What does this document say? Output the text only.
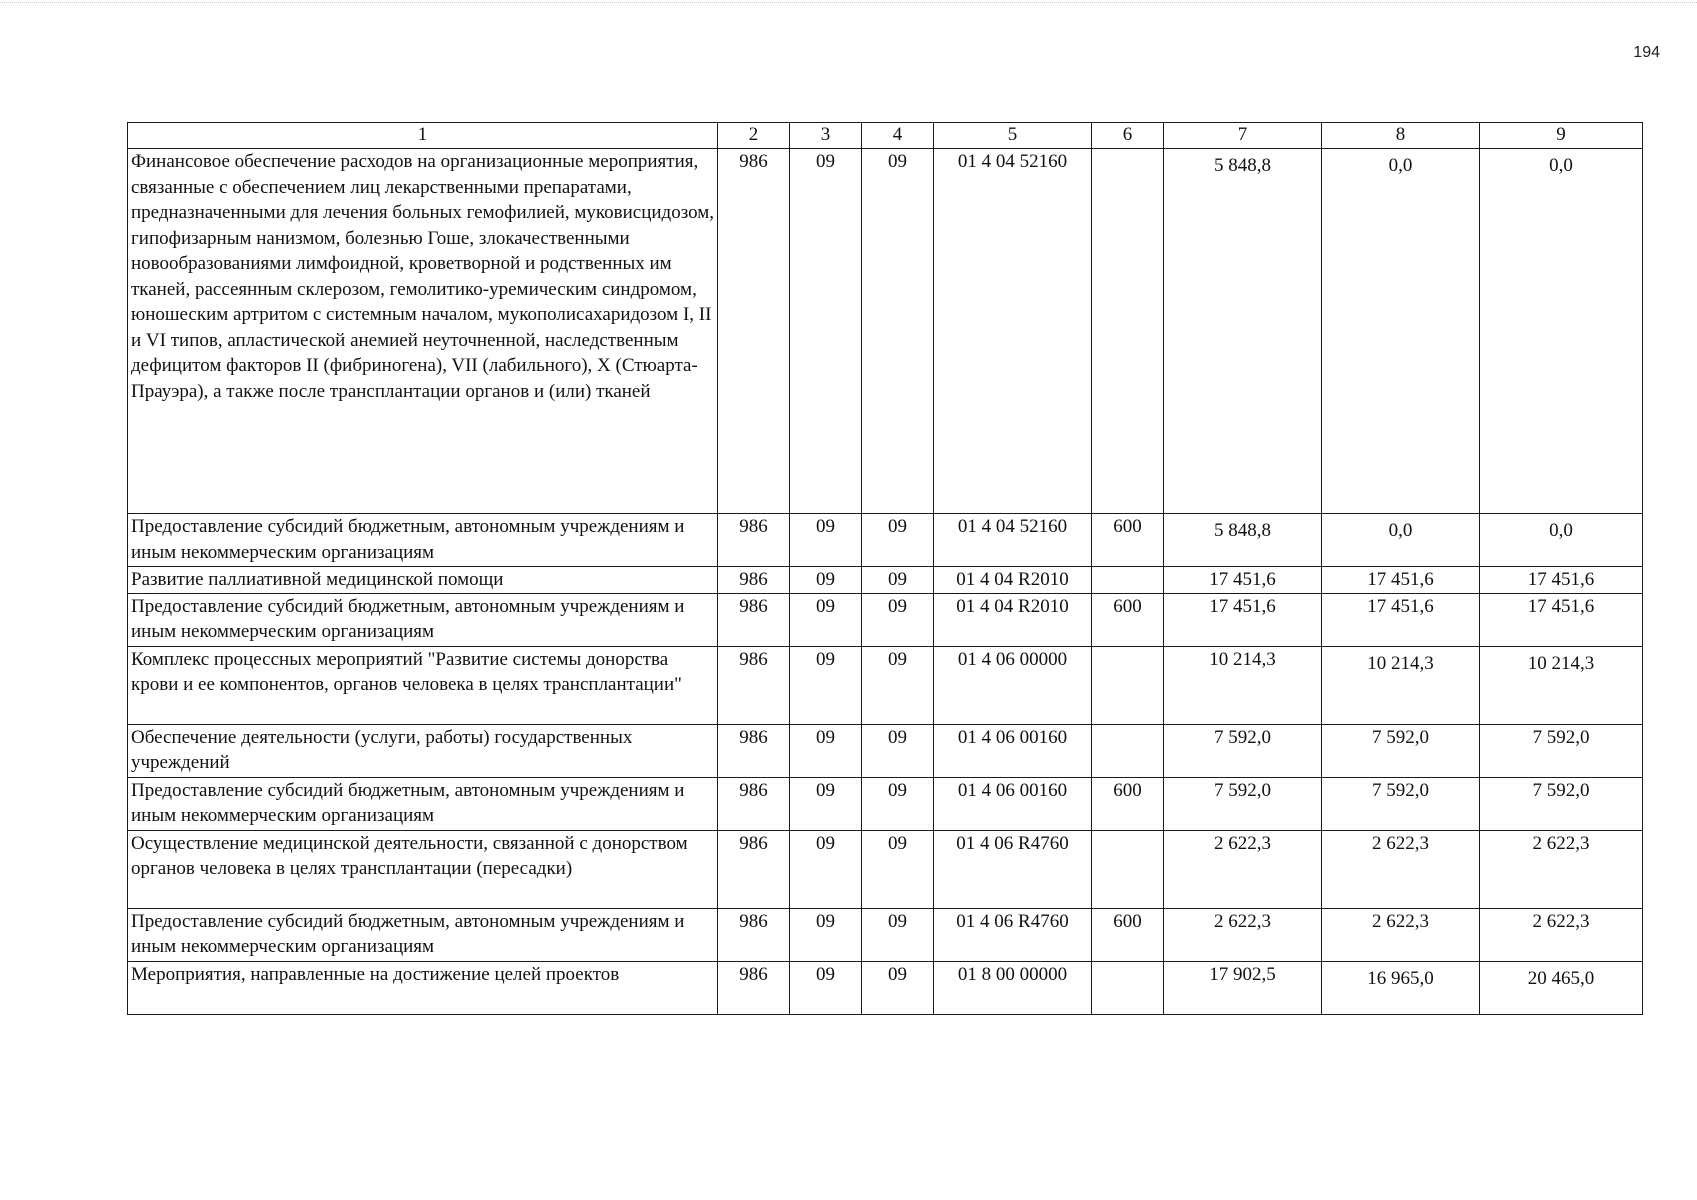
194
1	2	3	4	5	6	7	8	9
Финансовое обеспечение расходов на организационные мероприятия, связанные с обеспечением лиц лекарственными препаратами, предназначенными для лечения больных гемофилией, муковисцидозом, гипофизарным нанизмом, болезнью Гоше, злокачественными новообразованиями лимфоидной, кроветворной и родственных им тканей, рассеянным склерозом, гемолитико-уремическим синдромом, юношеским артритом с системным началом, мукополисахаридозом I, II и VI типов, апластической анемией неуточненной, наследственным дефицитом факторов II (фибриногена), VII (лабильного), X (Стюарта-Прауэра), а также после трансплантации органов и (или) тканей	986	09	09	01 4 04 52160		5 848,8	0,0	0,0

Предоставление субсидий бюджетным, автономным учреждениям и иным некоммерческим организациям	986	09	09	01 4 04 52160	600	5 848,8	0,0	0,0

Развитие паллиативной медицинской помощи	986	09	09	01 4 04 R2010		17 451,6	17 451,6	17 451,6
Предоставление субсидий бюджетным, автономным учреждениям и иным некоммерческим организациям	986	09	09	01 4 04 R2010	600	17 451,6	17 451,6	17 451,6
Комплекс процессных мероприятий "Развитие системы донорства крови и ее компонентов, органов человека в целях трансплантации"	986	09	09	01 4 06 00000		10 214,3	10 214,3	10 214,3

Обеспечение деятельности (услуги, работы) государственных учреждений	986	09	09	01 4 06 00160		7 592,0	7 592,0	7 592,0
Предоставление субсидий бюджетным, автономным учреждениям и иным некоммерческим организациям	986	09	09	01 4 06 00160	600	7 592,0	7 592,0	7 592,0
Осуществление медицинской деятельности, связанной с донорством органов человека в целях трансплантации (пересадки)	986	09	09	01 4 06 R4760		2 622,3	2 622,3	2 622,3
Предоставление субсидий бюджетным, автономным учреждениям и иным некоммерческим организациям	986	09	09	01 4 06 R4760	600	2 622,3	2 622,3	2 622,3
Мероприятия, направленные на достижение целей проектов	986	09	09	01 8 00 00000		17 902,5	16 965,0	20 465,0
